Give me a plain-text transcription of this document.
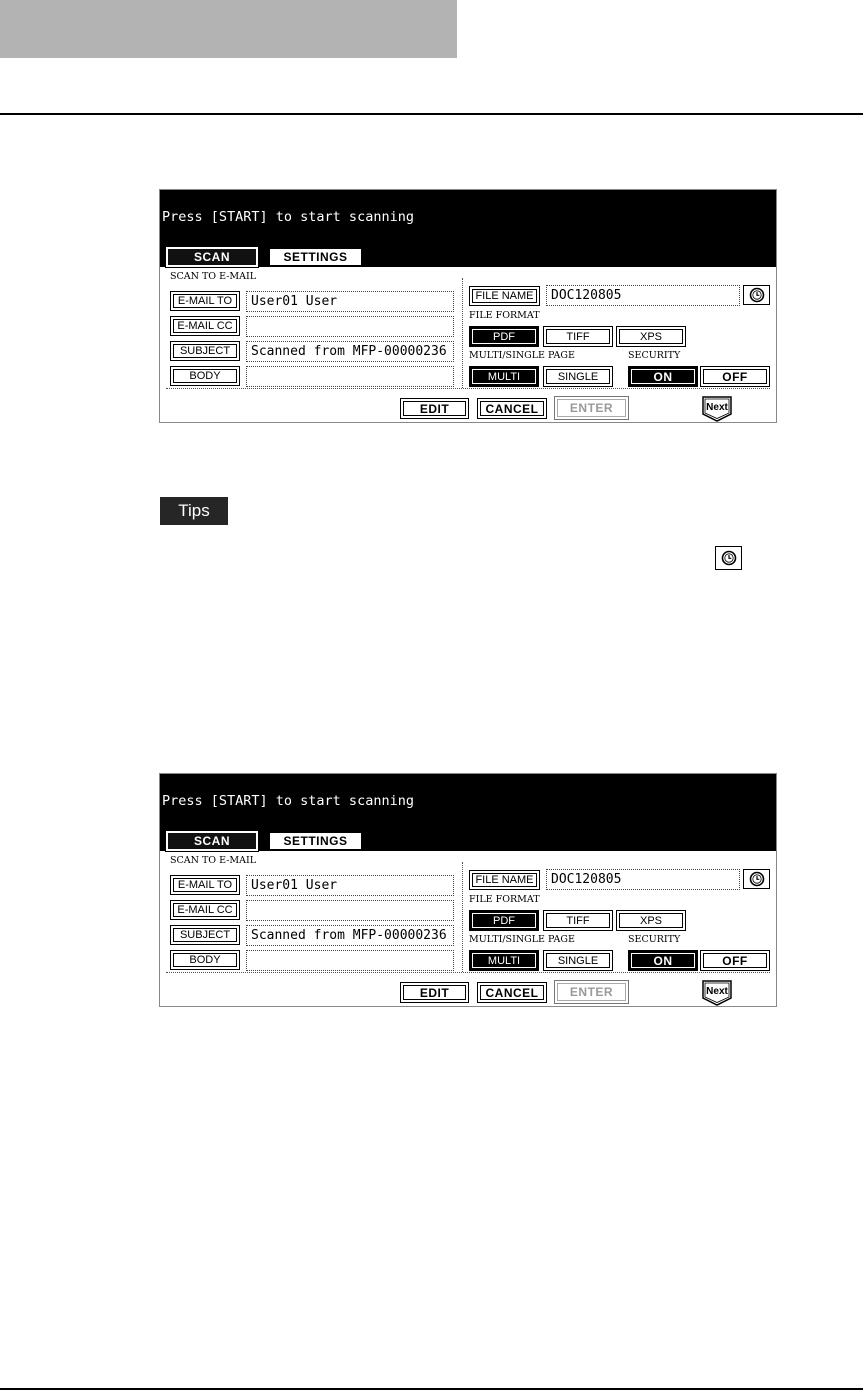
Press [START] to start scanning
SCAN	SETTINGS
SCAN TO E-MAIL
E-MAIL TO	User01 User
E-MAIL CC
SUBJECT	Scanned from MFP-00000236
BODY
FILE NAME	DOC120805
FILE FORMAT
PDF	TIFF	XPS
MULTI/SINGLE PAGE	SECURITY
MULTI	SINGLE	ON	OFF
EDIT	CANCEL	ENTER	Next
Tips
Press [START] to start scanning
SCAN	SETTINGS
SCAN TO E-MAIL
E-MAIL TO	User01 User
E-MAIL CC
SUBJECT	Scanned from MFP-00000236
BODY
FILE NAME	DOC120805
FILE FORMAT
PDF	TIFF	XPS
MULTI/SINGLE PAGE	SECURITY
MULTI	SINGLE	ON	OFF
EDIT	CANCEL	ENTER	Next
